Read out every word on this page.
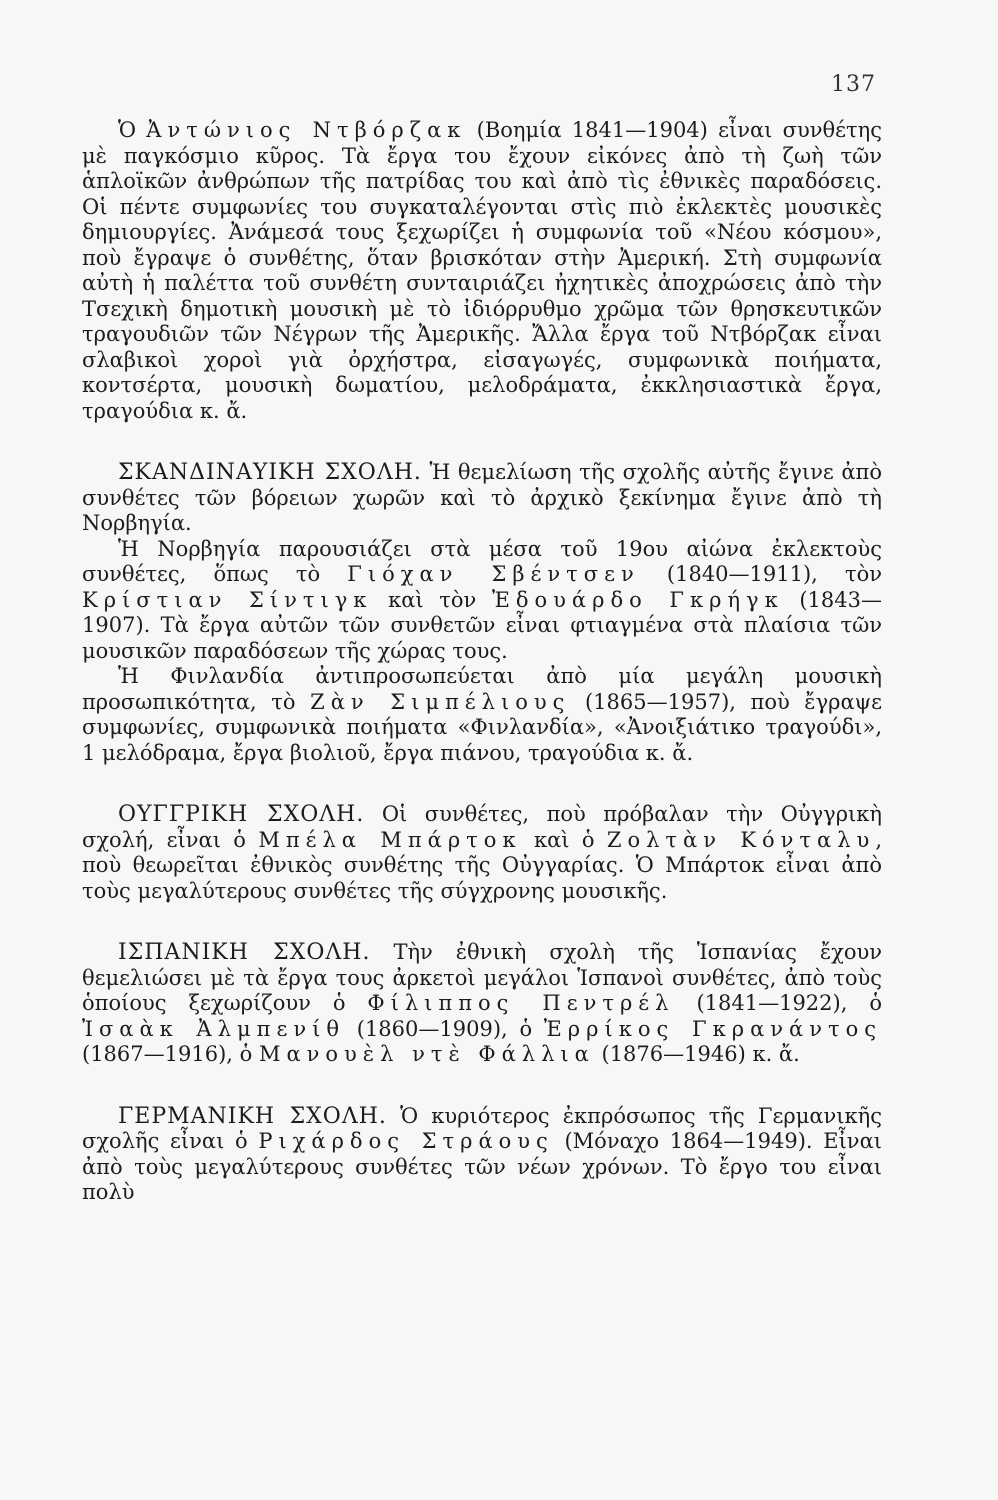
137

Ὁ Ἀντώνιος Ντβόρζακ (Βοημία 1841—1904) εἶναι συνθέτης μὲ παγκόσμιο κῦρος. Τὰ ἔργα του ἔχουν εἰκόνες ἀπὸ τὴ ζωὴ τῶν ἁπλοϊκῶν ἀνθρώπων τῆς πατρίδας του καὶ ἀπὸ τὶς ἐθνικὲς παραδόσεις. Οἱ πέντε συμφωνίες του συγκαταλέγονται στὶς πιὸ ἐκλεκτὲς μουσικὲς δημιουργίες. Ἀνάμεσά τους ξεχωρίζει ἡ συμφωνία τοῦ «Νέου κόσμου», ποὺ ἔγραψε ὁ συνθέτης, ὅταν βρισκόταν στὴν Ἀμερική. Στὴ συμφωνία αὐτὴ ἡ παλέττα τοῦ συνθέτη συνταιριάζει ἠχητικὲς ἀποχρώσεις ἀπὸ τὴν Τσεχικὴ δημοτικὴ μουσικὴ μὲ τὸ ἰδιόρρυθμο χρῶμα τῶν θρησκευτικῶν τραγουδιῶν τῶν Νέγρων τῆς Ἀμερικῆς. Ἄλλα ἔργα τοῦ Ντβόρζακ εἶναι σλαβικοὶ χοροὶ γιὰ ὀρχήστρα, εἰσαγωγές, συμφωνικὰ ποιήματα, κοντσέρτα, μουσικὴ δωματίου, μελοδράματα, ἐκκλησιαστικὰ ἔργα, τραγούδια κ. ἄ.

ΣΚΑΝΔΙΝΑΥΙΚΗ ΣΧΟΛΗ. Ἡ θεμελίωση τῆς σχολῆς αὐτῆς ἔγινε ἀπὸ συνθέτες τῶν βόρειων χωρῶν καὶ τὸ ἀρχικὸ ξεκίνημα ἔγινε ἀπὸ τὴ Νορβηγία.

Ἡ Νορβηγία παρουσιάζει στὰ μέσα τοῦ 19ου αἰώνα ἐκλεκτοὺς συνθέτες, ὅπως τὸ Γιόχαν Σβέντσεν (1840—1911), τὸν Κρίστιαν Σίντιγκ καὶ τὸν Ἐδουάρδο Γκρήγκ (1843—1907). Τὰ ἔργα αὐτῶν τῶν συνθετῶν εἶναι φτιαγμένα στὰ πλαίσια τῶν μουσικῶν παραδόσεων τῆς χώρας τους.

Ἡ Φινλανδία ἀντιπροσωπεύεται ἀπὸ μία μεγάλη μουσικὴ προσωπικότητα, τὸ Ζὰν Σιμπέλιους (1865—1957), ποὺ ἔγραψε συμφωνίες, συμφωνικὰ ποιήματα «Φινλανδία», «Ἀνοιξιάτικο τραγούδι», 1 μελόδραμα, ἔργα βιολιοῦ, ἔργα πιάνου, τραγούδια κ. ἄ.

ΟΥΓΓΡΙΚΗ ΣΧΟΛΗ. Οἱ συνθέτες, ποὺ πρόβαλαν τὴν Οὐγγρικὴ σχολή, εἶναι ὁ Μπέλα Μπάρτοκ καὶ ὁ Ζολτὰν Κόνταλυ, ποὺ θεωρεῖται ἐθνικὸς συνθέτης τῆς Οὐγγαρίας. Ὁ Μπάρτοκ εἶναι ἀπὸ τοὺς μεγαλύτερους συνθέτες τῆς σύγχρονης μουσικῆς.

ΙΣΠΑΝΙΚΗ ΣΧΟΛΗ. Τὴν ἐθνικὴ σχολὴ τῆς Ἱσπανίας ἔχουν θεμελιώσει μὲ τὰ ἔργα τους ἀρκετοὶ μεγάλοι Ἱσπανοὶ συνθέτες, ἀπὸ τοὺς ὁποίους ξεχωρίζουν ὁ Φίλιππος Πεντρέλ (1841—1922), ὁ Ἰσαὰκ Ἀλμπενίθ (1860—1909), ὁ Ἐρρίκος Γκρανάντος (1867—1916), ὁ Μανουὲλ ντὲ Φάλλια (1876—1946) κ. ἄ.

ΓΕΡΜΑΝΙΚΗ ΣΧΟΛΗ. Ὁ κυριότερος ἐκπρόσωπος τῆς Γερμανικῆς σχολῆς εἶναι ὁ Ριχάρδος Στράους (Μόναχο 1864—1949). Εἶναι ἀπὸ τοὺς μεγαλύτερους συνθέτες τῶν νέων χρόνων. Τὸ ἔργο του εἶναι πολὺ
